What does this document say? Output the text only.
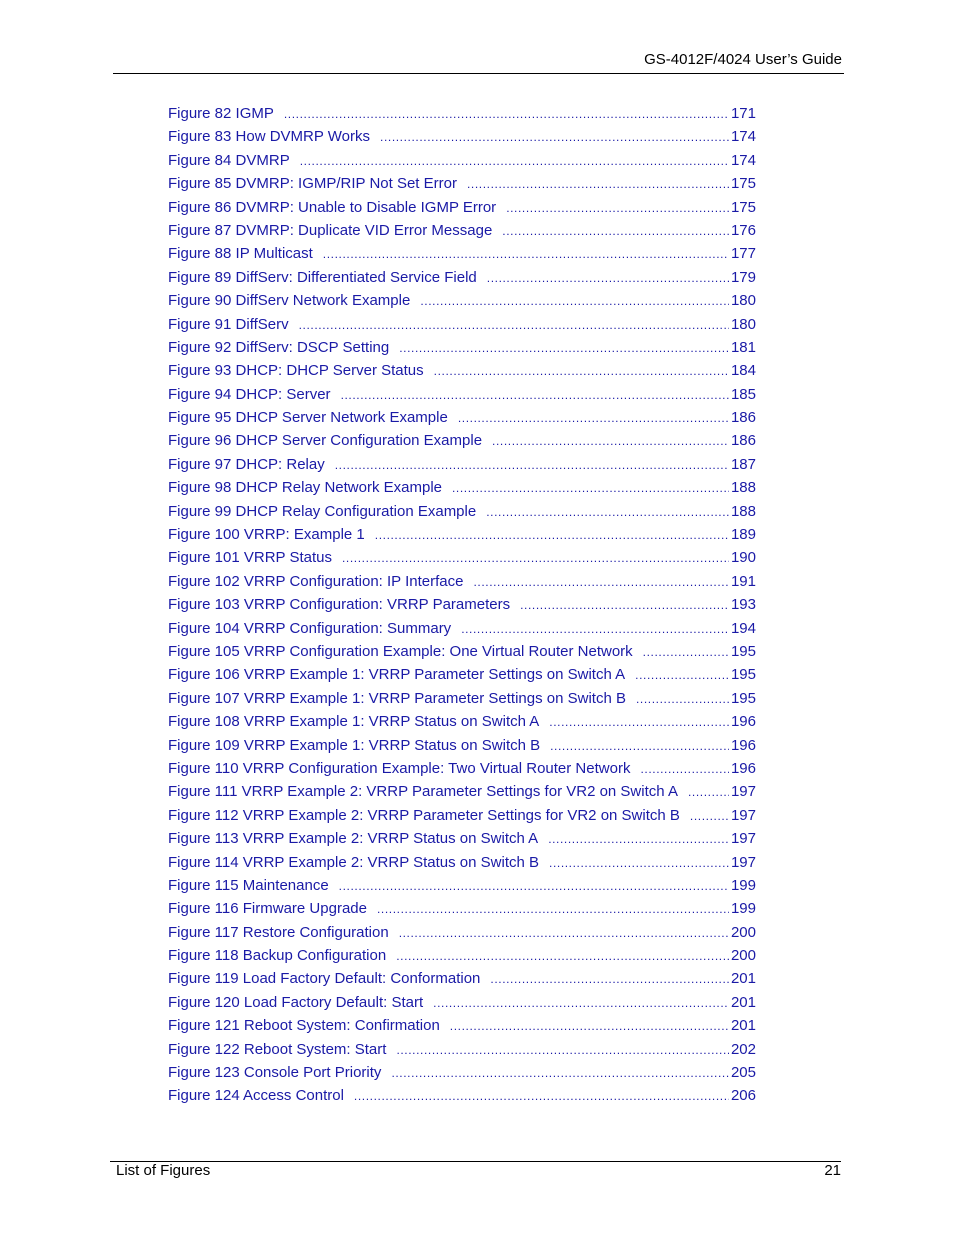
GS-4012F/4024 User’s Guide
Figure 82 IGMP .....	171
Figure 83 How DVMRP Works .....	174
Figure 84 DVMRP .....	174
Figure 85 DVMRP: IGMP/RIP Not Set Error .....	175
Figure 86 DVMRP: Unable to Disable IGMP Error .....	175
Figure 87 DVMRP: Duplicate VID Error Message .....	176
Figure 88 IP Multicast .....	177
Figure 89 DiffServ: Differentiated Service Field .....	179
Figure 90 DiffServ Network Example .....	180
Figure 91 DiffServ .....	180
Figure 92 DiffServ: DSCP Setting .....	181
Figure 93 DHCP: DHCP Server Status .....	184
Figure 94 DHCP: Server .....	185
Figure 95 DHCP Server Network Example .....	186
Figure 96 DHCP Server Configuration Example .....	186
Figure 97 DHCP: Relay .....	187
Figure 98 DHCP Relay Network Example .....	188
Figure 99 DHCP Relay Configuration Example .....	188
Figure 100 VRRP: Example 1 .....	189
Figure 101 VRRP Status .....	190
Figure 102 VRRP Configuration: IP Interface .....	191
Figure 103 VRRP Configuration: VRRP Parameters .....	193
Figure 104 VRRP Configuration: Summary .....	194
Figure 105 VRRP Configuration Example: One Virtual Router Network .....	195
Figure 106 VRRP Example 1: VRRP Parameter Settings on Switch A .....	195
Figure 107 VRRP Example 1: VRRP Parameter Settings on Switch B .....	195
Figure 108 VRRP Example 1: VRRP Status on Switch A .....	196
Figure 109 VRRP Example 1: VRRP Status on Switch B .....	196
Figure 110 VRRP Configuration Example: Two Virtual Router Network .....	196
Figure 111 VRRP Example 2: VRRP Parameter Settings for VR2 on Switch A .....	197
Figure 112 VRRP Example 2: VRRP Parameter Settings for VR2 on Switch B .....	197
Figure 113 VRRP Example 2: VRRP Status on Switch A .....	197
Figure 114 VRRP Example 2: VRRP Status on Switch B .....	197
Figure 115 Maintenance .....	199
Figure 116 Firmware Upgrade .....	199
Figure 117 Restore Configuration .....	200
Figure 118 Backup Configuration .....	200
Figure 119 Load Factory Default: Conformation .....	201
Figure 120 Load Factory Default: Start .....	201
Figure 121 Reboot System: Confirmation .....	201
Figure 122 Reboot System: Start .....	202
Figure 123 Console Port Priority .....	205
Figure 124 Access Control .....	206
List of Figures	21
